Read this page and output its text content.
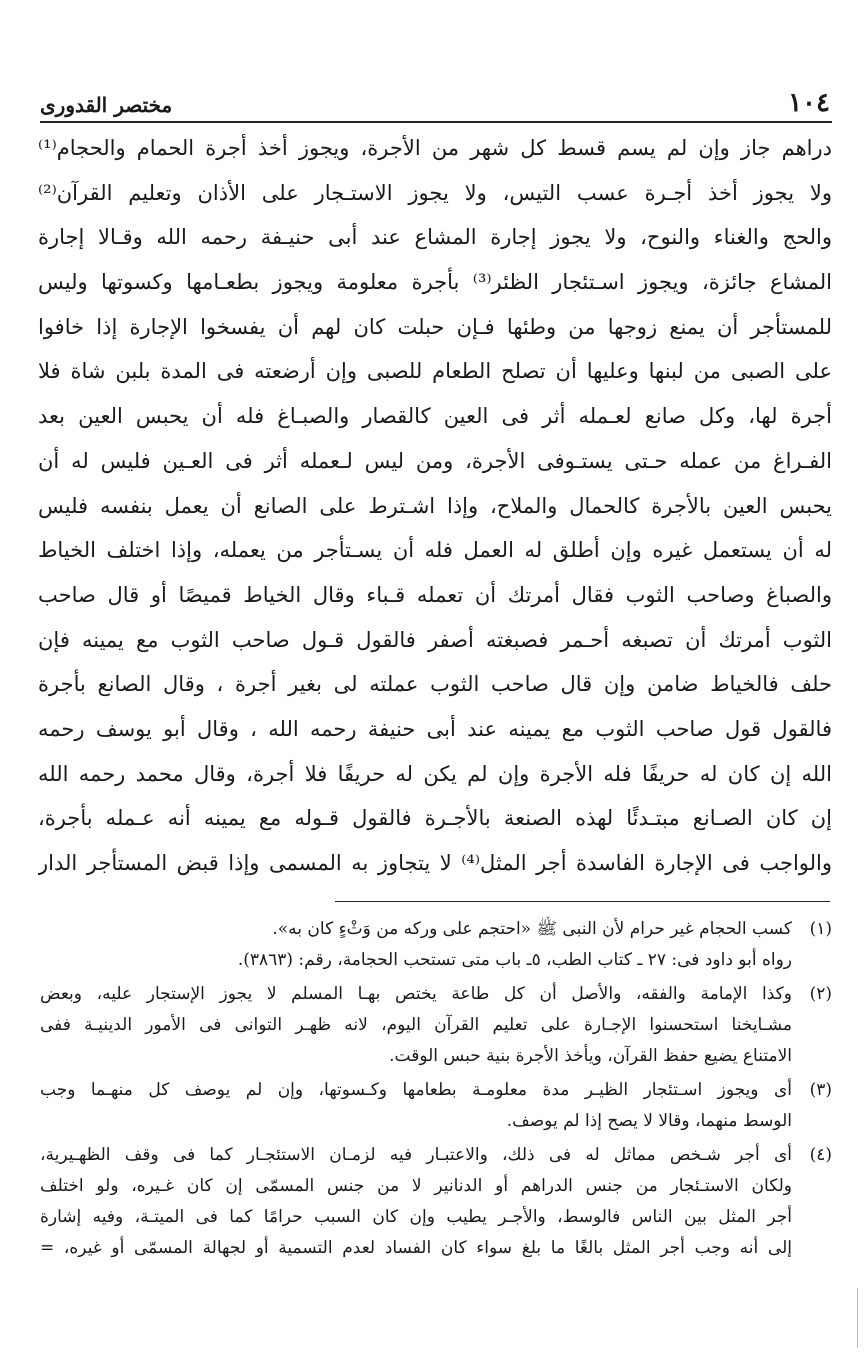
١٠٤
مختصر القدورى
دراهم جاز وإن لم يسم قسط كل شهر من الأجرة، ويجوز أخذ أجرة الحمام والحجام⁽¹⁾
ولا يجوز أخذ أجـرة عسب التيس، ولا يجوز الاستـجار على الأذان وتعليم القرآن⁽²⁾
والحج والغناء والنوح، ولا يجوز إجارة المشاع عند أبى حنيـفة رحمه الله وقـالا إجارة
المشاع جائزة، ويجوز اسـتئجار الظئر⁽³⁾ بأجرة معلومة ويجوز بطعـامها وكسوتها وليس
للمستأجر أن يمنع زوجها من وطئها فـإن حبلت كان لهم أن يفسخوا الإجارة إذا خافوا
على الصبى من لبنها وعليها أن تصلح الطعام للصبى وإن أرضعته فى المدة بلبن شاة فلا
أجرة لها، وكل صانع لعـمله أثر فى العين كالقصار والصبـاغ فله أن يحبس العين بعد
الفـراغ من عمله حـتى يستـوفى الأجرة، ومن ليس لـعمله أثر فى العـين فليس له أن
يحبس العين بالأجرة كالحمال والملاح، وإذا اشـترط على الصانع أن يعمل بنفسه فليس
له أن يستعمل غيره وإن أطلق له العمل فله أن يسـتأجر من يعمله، وإذا اختلف الخياط
والصباغ وصاحب الثوب فقال أمرتك أن تعمله قـباء وقال الخياط قميصًا أو قال صاحب
الثوب أمرتك أن تصبغه أحـمر فصبغته أصفر فالقول قـول صاحب الثوب مع يمينه فإن
حلف فالخياط ضامن وإن قال صاحب الثوب عملته لى بغير أجرة ، وقال الصانع بأجرة
فالقول قول صاحب الثوب مع يمينه عند أبى حنيفة رحمه الله ، وقال أبو يوسف رحمه
الله إن كان له حريفًا فله الأجرة وإن لم يكن له حريفًا فلا أجرة، وقال محمد رحمه الله
إن كان الصـانع مبتـدئًا لهذه الصنعة بالأجـرة فالقول قـوله مع يمينه أنه عـمله بأجرة،
والواجب فى الإجارة الفاسدة أجر المثل⁽⁴⁾ لا يتجاوز به المسمى وإذا قبض المستأجر الدار
(١)
كسب الحجام غير حرام لأن النبى ﷺ «احتجم على وركه من وَثْءٍ كان به».
رواه أبو داود فى: ٢٧ ـ كتاب الطب، ٥ـ باب متى تستحب الحجامة، رقم: (٣٨٦٣).
(٢)
وكذا الإمامة والفقه، والأصل أن كل طاعة يختص بهـا المسلم لا يجوز الإستجار عليه، وبعض
مشـايخنا استحسنوا الإجـارة على تعليم القرآن اليوم، لانه ظهـر التوانى فى الأمور الدينيـة ففى
الامتناع يضيع حفظ القرآن، ويأخذ الأجرة بنية حبس الوقت.
(٣)
أى ويجوز اسـتئجار الظيـر مدة معلومـة بطعامها وكـسوتها، وإن لم يوصف كل منهـما وجب
الوسط منهما، وقالا لا يصح إذا لم يوصف.
(٤)
أى أجر شـخص مماثل له فى ذلك، والاعتبـار فيه لزمـان الاستئجـار كما فى وقف الظهـيرية،
ولكان الاستـئجار من جنس الدراهم أو الدنانير لا من جنس المسمّى إن كان غـيره، ولو اختلف
أجر المثل بين الناس فالوسط، والأجـر يطيب وإن كان السبب حرامًا كما فى الميتـة، وفيه إشارة
إلى أنه وجب أجر المثل بالغًا ما بلغ سواء كان الفساد لعدم التسمية أو لجهالة المسمّى أو غيره، =
